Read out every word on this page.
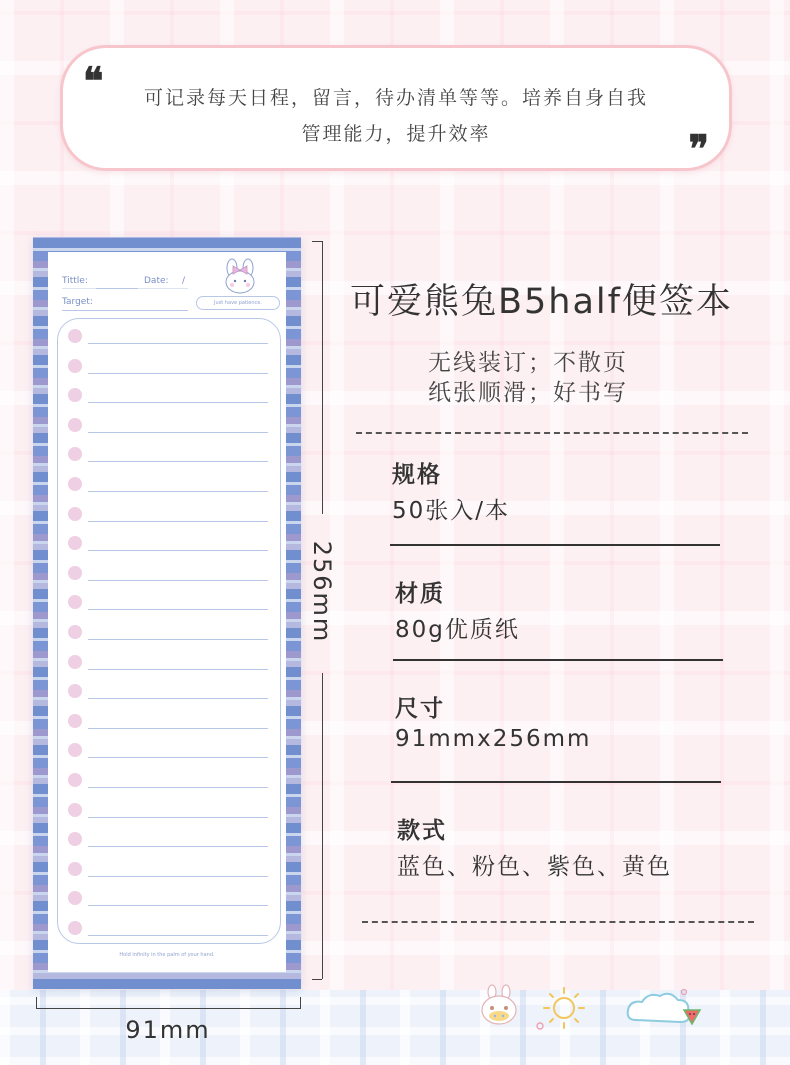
❝	可记录每天日程，留言，待办清单等等。培养自身自我
管理能力，提升效率	❞
Tittle:	Date: /
Target:	Just have patience.
Hold infinity in the palm of your hand.
256mm
91mm
可爱熊兔B5half便签本
无线装订；不散页
纸张顺滑；好书写
规格
50张入/本
材质
80g优质纸
尺寸
91mmx256mm
款式
蓝色、粉色、紫色、黄色
